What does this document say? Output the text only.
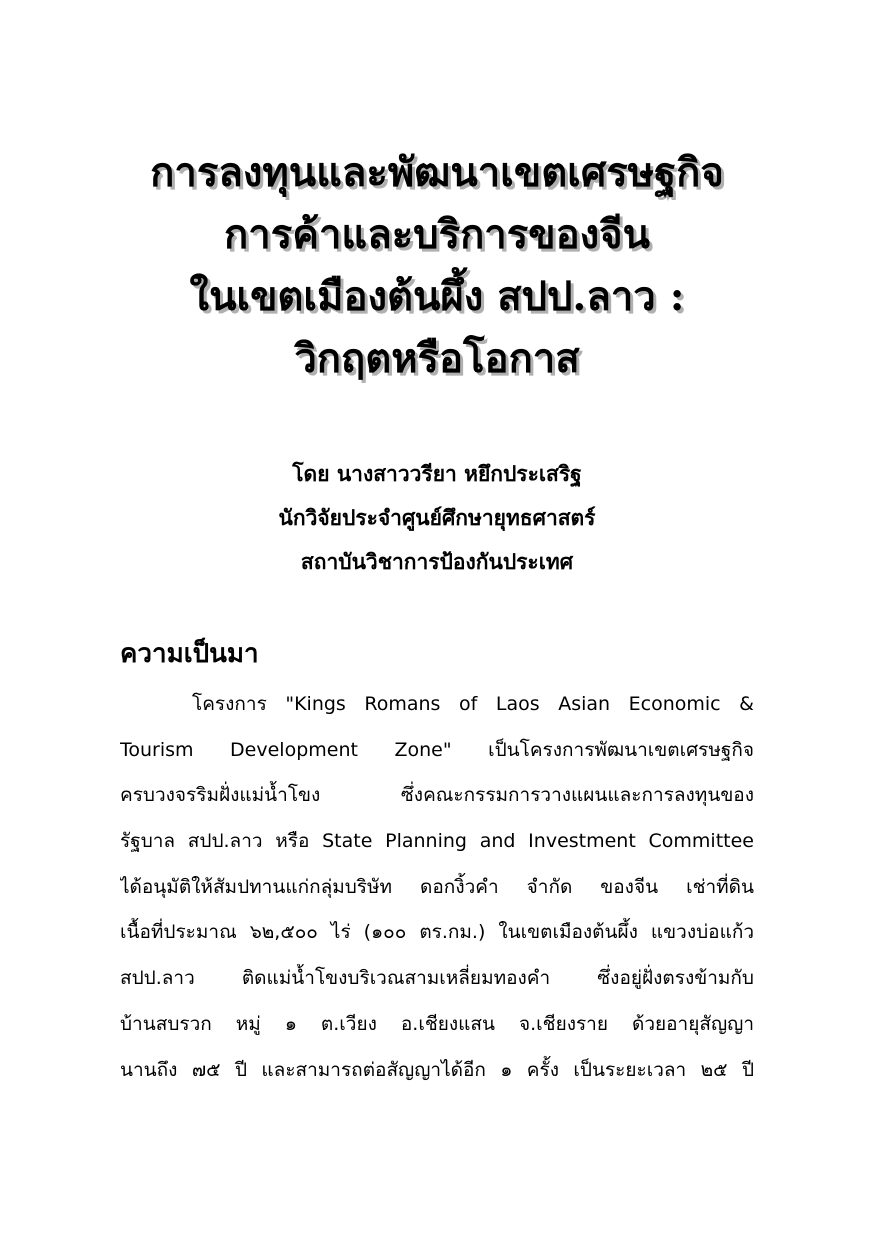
การลงทุนและพัฒนาเขตเศรษฐกิจ
การค้าและบริการของจีน
ในเขตเมืองต้นผึ้ง สปป.ลาว :
วิกฤตหรือโอกาส
โดย นางสาววรียา หยึกประเสริฐ
นักวิจัยประจำศูนย์ศึกษายุทธศาสตร์
สถาบันวิชาการป้องกันประเทศ
ความเป็นมา
โครงการ "Kings Romans of Laos Asian Economic &
Tourism Development Zone" เป็นโครงการพัฒนาเขตเศรษฐกิจ
ครบวงจรริมฝั่งแม่น้ำโขง ซึ่งคณะกรรมการวางแผนและการลงทุนของ
รัฐบาล สปป.ลาว หรือ State Planning and Investment Committee
ได้อนุมัติให้สัมปทานแก่กลุ่มบริษัท ดอกงิ้วคำ จำกัด ของจีน เช่าที่ดิน
เนื้อที่ประมาณ ๖๒,๕๐๐ ไร่ (๑๐๐ ตร.กม.) ในเขตเมืองต้นผึ้ง แขวงบ่อแก้ว
สปป.ลาว ติดแม่น้ำโขงบริเวณสามเหลี่ยมทองคำ ซึ่งอยู่ฝั่งตรงข้ามกับ
บ้านสบรวก หมู่ ๑ ต.เวียง อ.เชียงแสน จ.เชียงราย ด้วยอายุสัญญา
นานถึง ๗๕ ปี และสามารถต่อสัญญาได้อีก ๑ ครั้ง เป็นระยะเวลา ๒๕ ปี
